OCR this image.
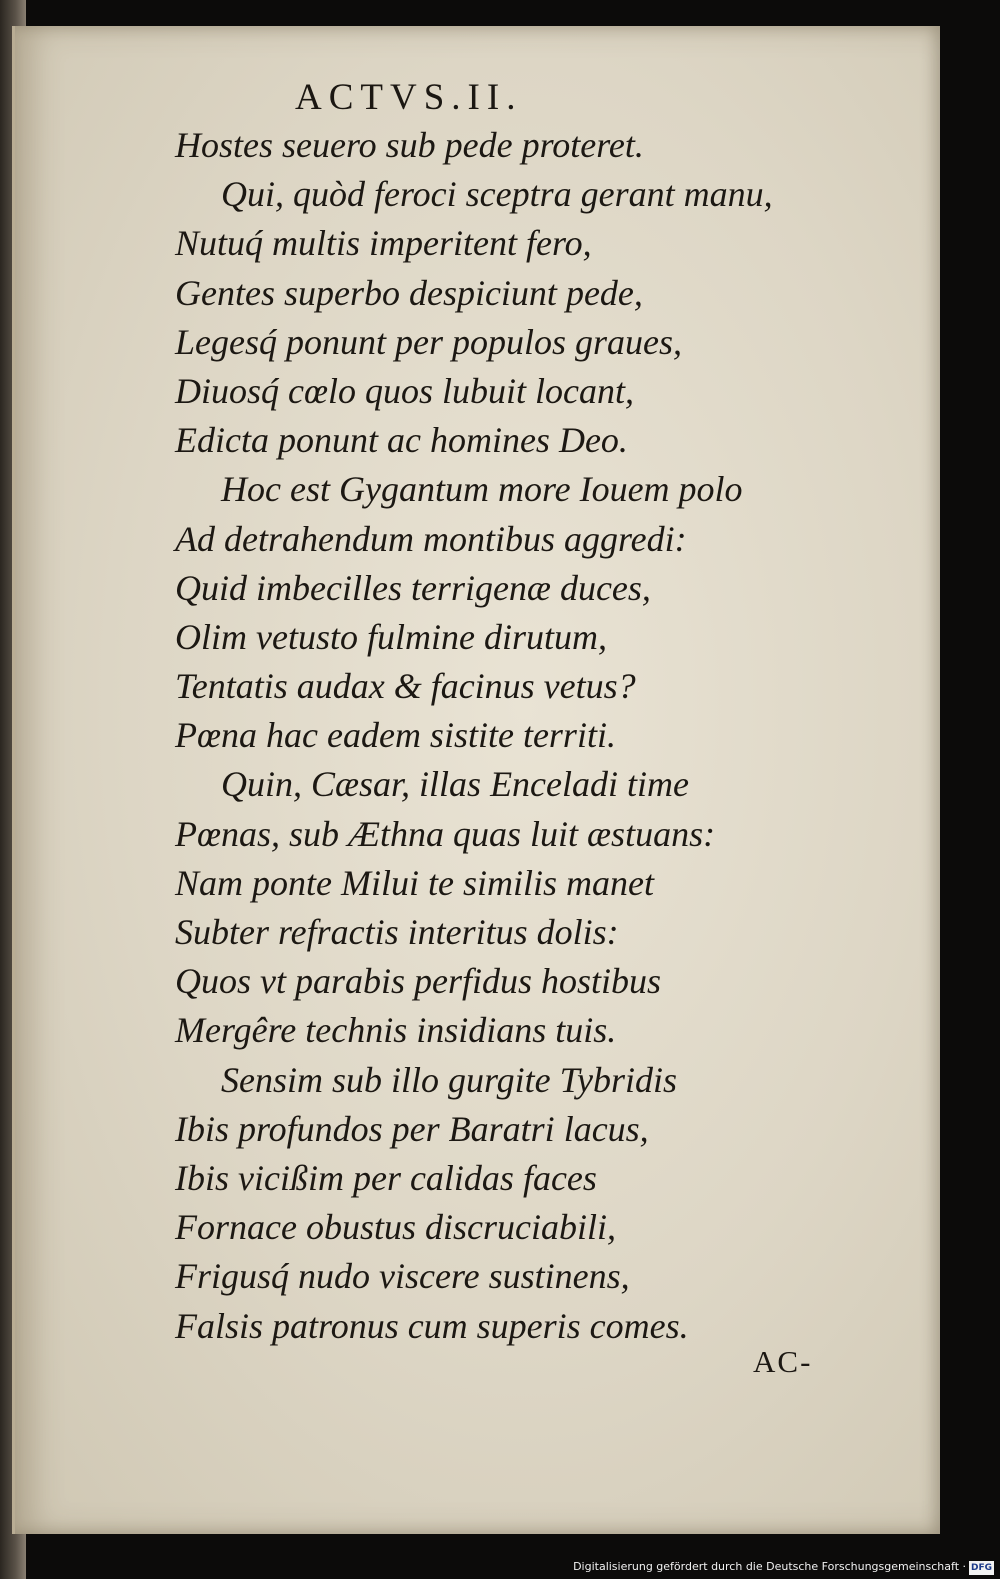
ACTVS.II.
Hostes seuero sub pede proteret.
Qui, quòd feroci sceptra gerant manu,
Nutuq́ multis imperitent fero,
Gentes superbo despiciunt pede,
Legesq́ ponunt per populos graues,
Diuosq́ cœlo quos lubuit locant,
Edicta ponunt ac homines Deo.
Hoc est Gygantum more Iouem polo
Ad detrahendum montibus aggredi:
Quid imbecilles terrigenæ duces,
Olim vetusto fulmine dirutum,
Tentatis audax & facinus vetus?
Pœna hac eadem sistite territi.
Quin, Cæsar, illas Enceladi time
Pœnas, sub Æthna quas luit æstuans:
Nam ponte Milui te similis manet
Subter refractis interitus dolis:
Quos vt parabis perfidus hostibus
Mergêre technis insidians tuis.
Sensim sub illo gurgite Tybridis
Ibis profundos per Baratri lacus,
Ibis vicißim per calidas faces
Fornace obustus discruciabili,
Frigusq́ nudo viscere sustinens,
Falsis patronus cum superis comes.
AC-
Digitalisierung gefördert durch die Deutsche Forschungsgemeinschaft · DFG
